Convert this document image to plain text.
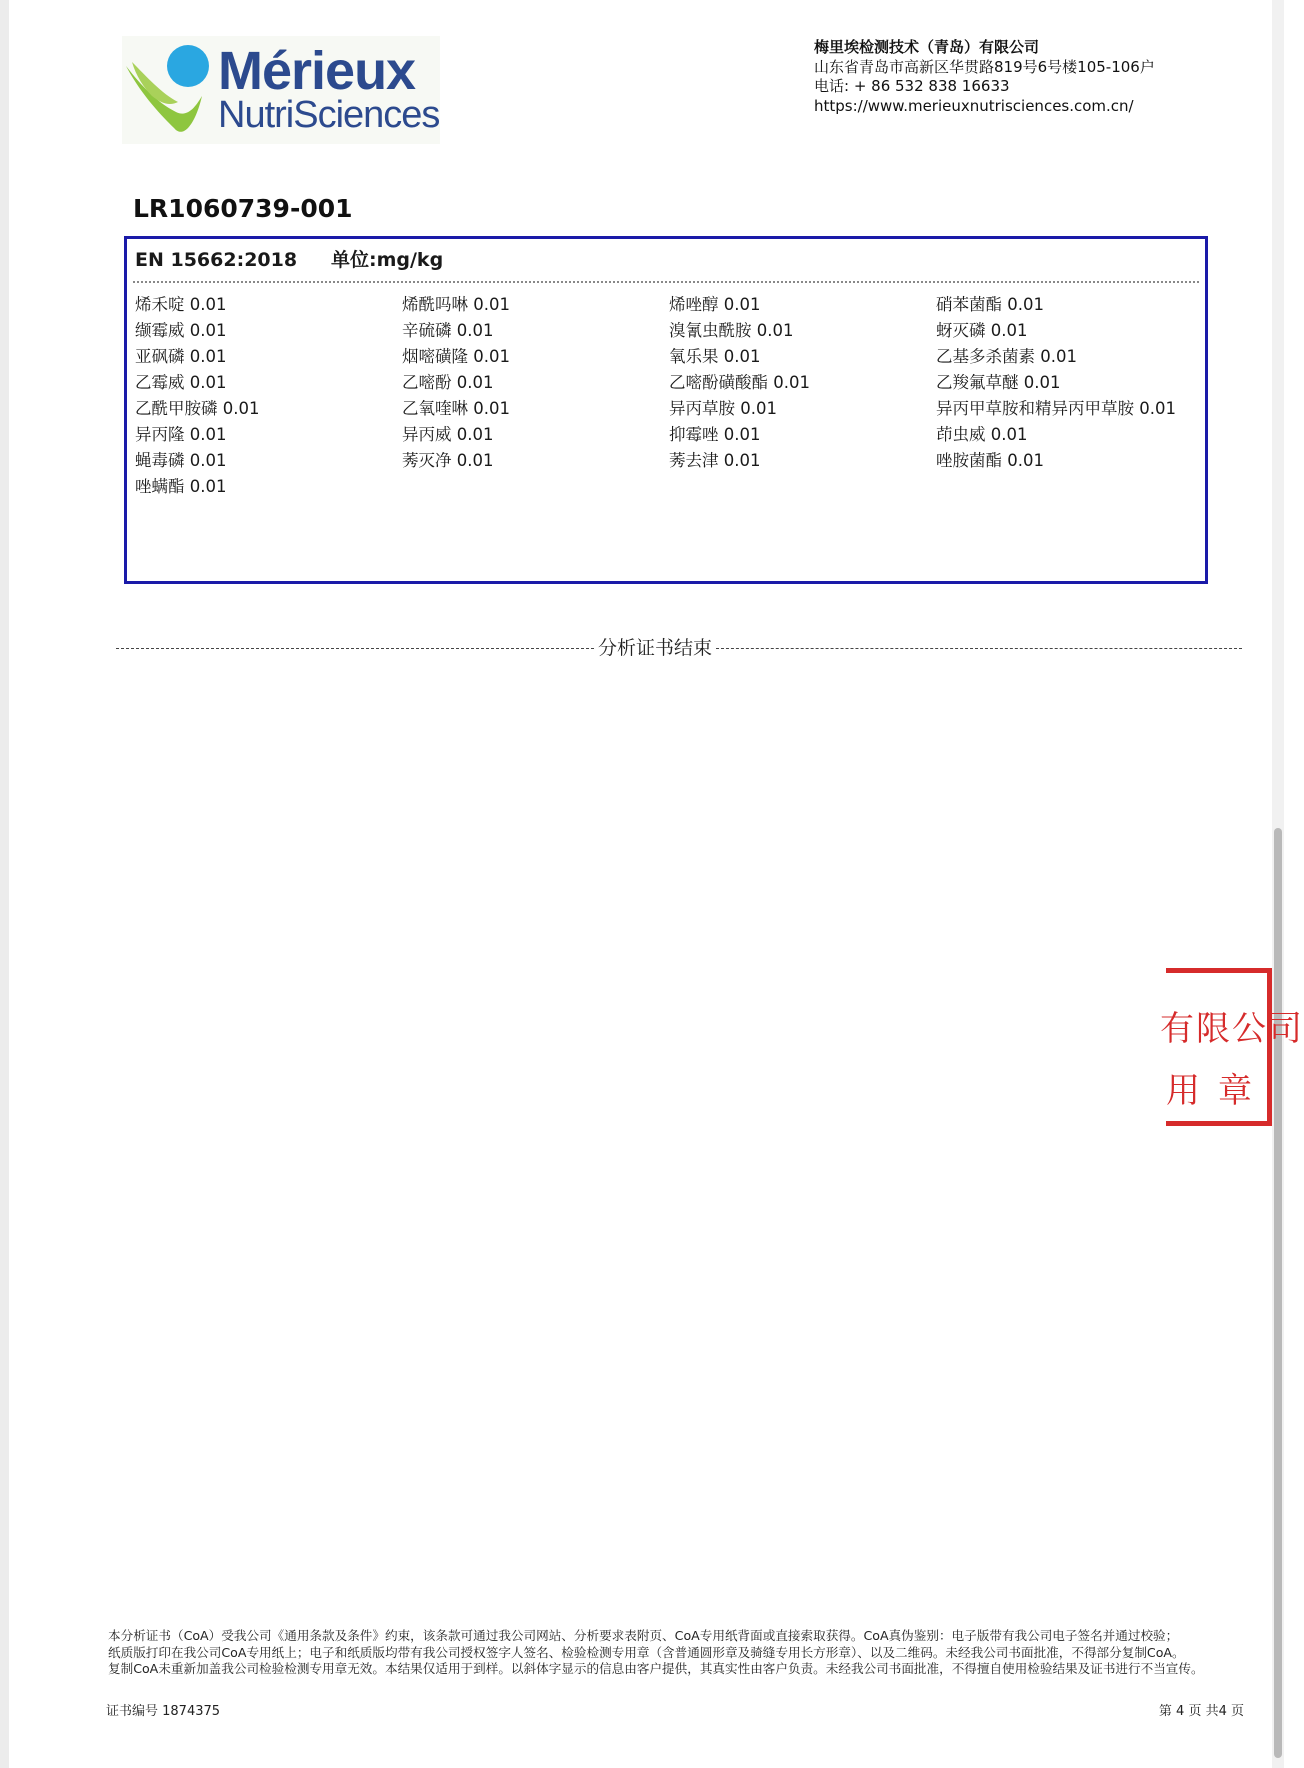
Mérieux
NutriSciences
梅里埃检测技术（青岛）有限公司
山东省青岛市高新区华贯路819号6号楼105-106户
电话: + 86 532 838 16633
https://www.merieuxnutrisciences.com.cn/
LR1060739-001
EN 15662:2018 单位:mg/kg
烯禾啶 0.01	烯酰吗啉 0.01	烯唑醇 0.01	硝苯菌酯 0.01
缬霉威 0.01	辛硫磷 0.01	溴氰虫酰胺 0.01	蚜灭磷 0.01
亚砜磷 0.01	烟嘧磺隆 0.01	氧乐果 0.01	乙基多杀菌素 0.01
乙霉威 0.01	乙嘧酚 0.01	乙嘧酚磺酸酯 0.01	乙羧氟草醚 0.01
乙酰甲胺磷 0.01	乙氧喹啉 0.01	异丙草胺 0.01	异丙甲草胺和精异丙甲草胺 0.01
异丙隆 0.01	异丙威 0.01	抑霉唑 0.01	茚虫威 0.01
蝇毒磷 0.01	莠灭净 0.01	莠去津 0.01	唑胺菌酯 0.01
唑螨酯 0.01
分析证书结束
有限公司
用章
本分析证书（CoA）受我公司《通用条款及条件》约束，该条款可通过我公司网站、分析要求表附页、CoA专用纸背面或直接索取获得。CoA真伪鉴别：电子版带有我公司电子签名并通过校验；
纸质版打印在我公司CoA专用纸上；电子和纸质版均带有我公司授权签字人签名、检验检测专用章（含普通圆形章及骑缝专用长方形章）、以及二维码。未经我公司书面批准，不得部分复制CoA。
复制CoA未重新加盖我公司检验检测专用章无效。本结果仅适用于到样。以斜体字显示的信息由客户提供，其真实性由客户负责。未经我公司书面批准，不得擅自使用检验结果及证书进行不当宣传。
证书编号 1874375	第 4 页 共4 页
